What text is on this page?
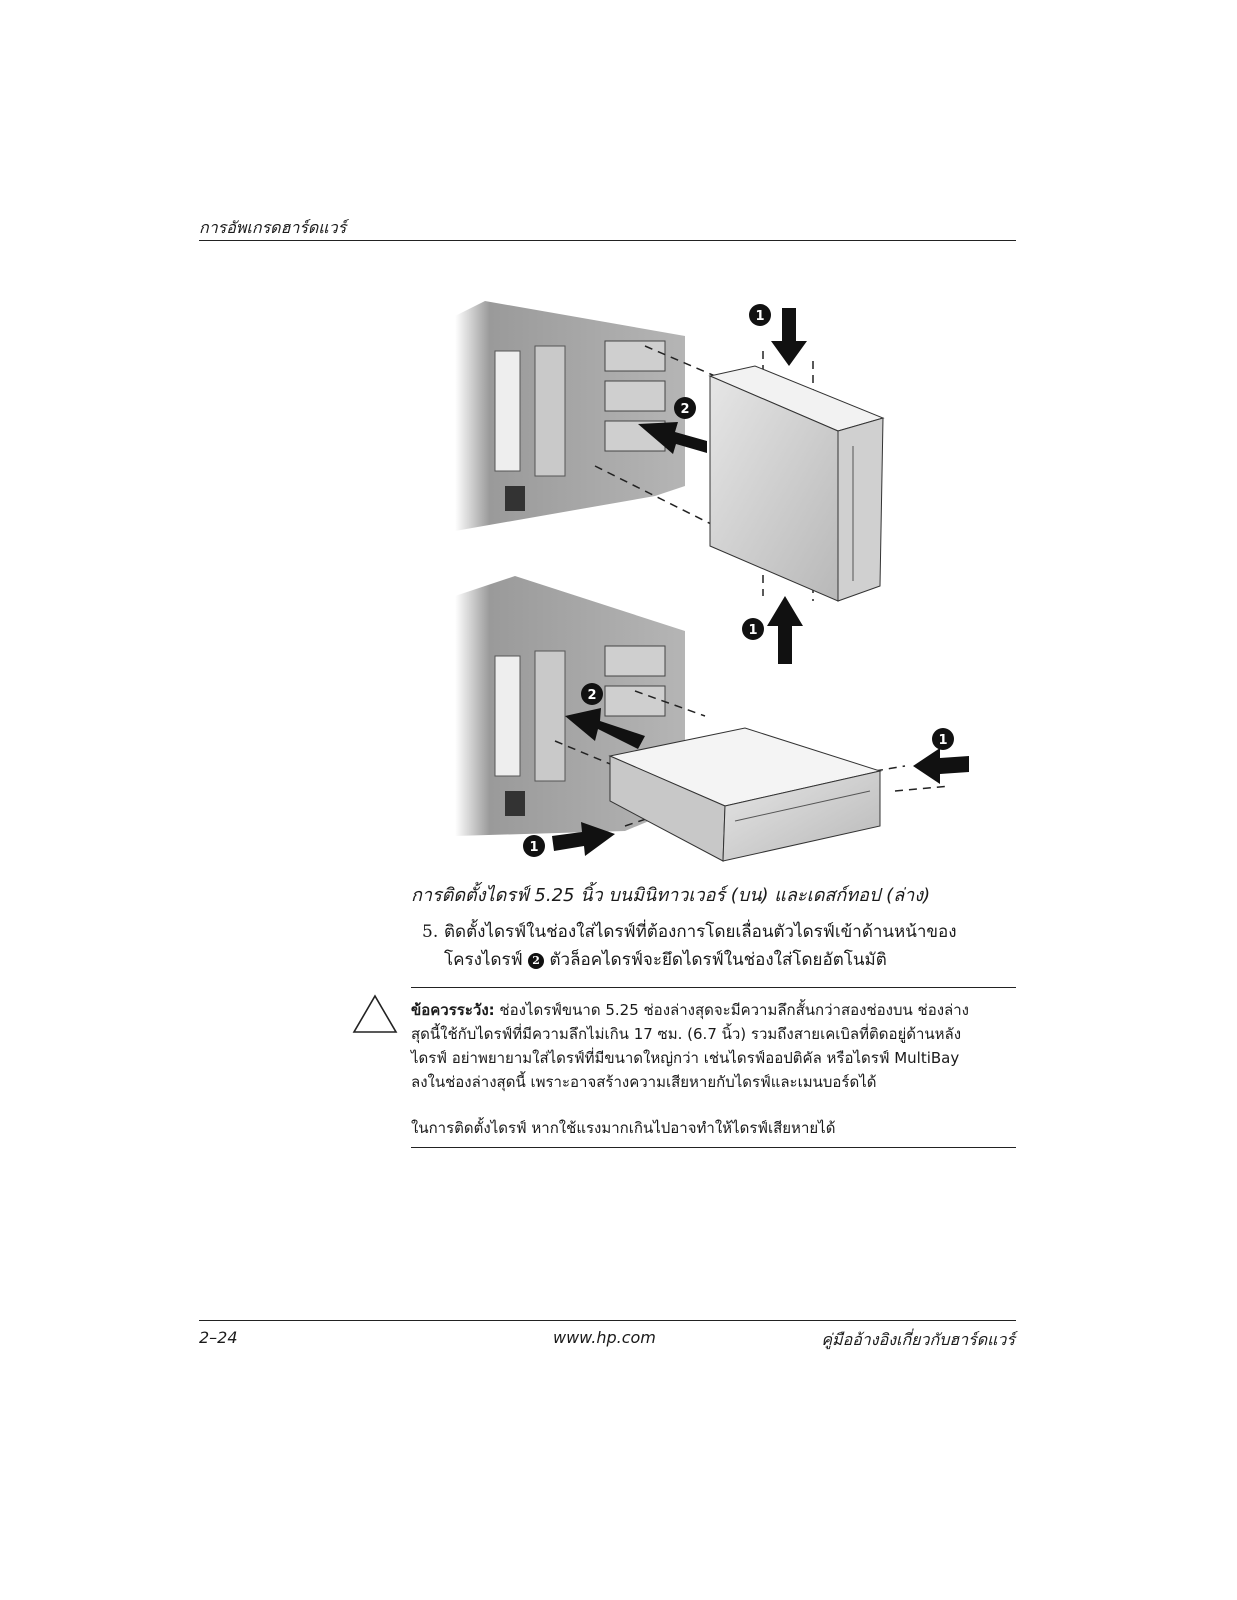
การอัพเกรดฮาร์ดแวร์
1
2
1
2
1
1
การติดตั้งไดรฟ์ 5.25 นิ้ว บนมินิทาวเวอร์ (บน) และเดสก์ทอป (ล่าง)
5. ติดตั้งไดรฟ์ในช่องใส่ไดรฟ์ที่ต้องการโดยเลื่อนตัวไดรฟ์เข้าด้านหน้าของ
โครงไดรฟ์ 2 ตัวล็อคไดรฟ์จะยึดไดรฟ์ในช่องใส่โดยอัตโนมัติ
ข้อควรระวัง: ช่องไดรฟ์ขนาด 5.25 ช่องล่างสุดจะมีความลึกสั้นกว่าสองช่องบน ช่องล่าง
สุดนี้ใช้กับไดรฟ์ที่มีความลึกไม่เกิน 17 ซม. (6.7 นิ้ว) รวมถึงสายเคเบิลที่ติดอยู่ด้านหลัง
ไดรฟ์ อย่าพยายามใส่ไดรฟ์ที่มีขนาดใหญ่กว่า เช่นไดรฟ์ออปติคัล หรือไดรฟ์ MultiBay
ลงในช่องล่างสุดนี้ เพราะอาจสร้างความเสียหายกับไดรฟ์และเมนบอร์ดได้
ในการติดตั้งไดรฟ์ หากใช้แรงมากเกินไปอาจทำให้ไดรฟ์เสียหายได้
2–24	www.hp.com	คู่มืออ้างอิงเกี่ยวกับฮาร์ดแวร์
